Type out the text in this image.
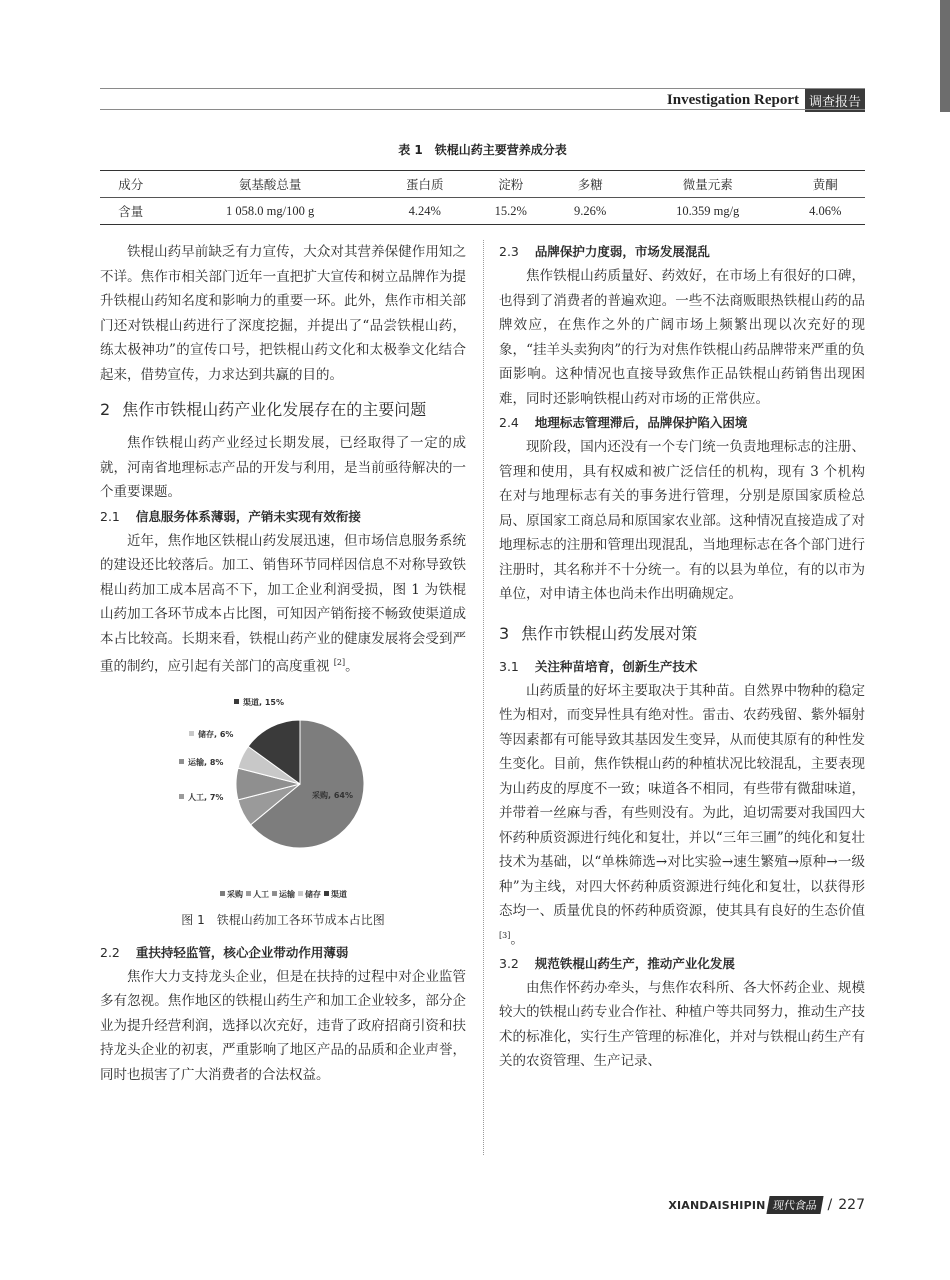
Investigation Report 调查报告
表 1　铁棍山药主要营养成分表
成分	氨基酸总量	蛋白质	淀粉	多糖	微量元素	黄酮
含量	1 058.0 mg/100 g	4.24%	15.2%	9.26%	10.359 mg/g	4.06%

铁棍山药早前缺乏有力宣传，大众对其营养保健作用知之不详。焦作市相关部门近年一直把扩大宣传和树立品牌作为提升铁棍山药知名度和影响力的重要一环。此外，焦作市相关部门还对铁棍山药进行了深度挖掘，并提出了“品尝铁棍山药，练太极神功”的宣传口号，把铁棍山药文化和太极拳文化结合起来，借势宣传，力求达到共赢的目的。

2 焦作市铁棍山药产业化发展存在的主要问题

焦作铁棍山药产业经过长期发展，已经取得了一定的成就，河南省地理标志产品的开发与利用，是当前亟待解决的一个重要课题。

2.1 信息服务体系薄弱，产销未实现有效衔接

近年，焦作地区铁棍山药发展迅速，但市场信息服务系统的建设还比较落后。加工、销售环节同样因信息不对称导致铁棍山药加工成本居高不下，加工企业利润受损，图 1 为铁棍山药加工各环节成本占比图，可知因产销衔接不畅致使渠道成本占比较高。长期来看，铁棍山药产业的健康发展将会受到严重的制约，应引起有关部门的高度重视 [2]。

采购, 64%
人工, 7%
运输, 8%
储存, 6%
渠道, 15%
采购 人工 运输 储存 渠道
图 1　铁棍山药加工各环节成本占比图
2.2 重扶持轻监管，核心企业带动作用薄弱

焦作大力支持龙头企业，但是在扶持的过程中对企业监管多有忽视。焦作地区的铁棍山药生产和加工企业较多，部分企业为提升经营利润，选择以次充好，违背了政府招商引资和扶持龙头企业的初衷，严重影响了地区产品的品质和企业声誉，同时也损害了广大消费者的合法权益。

2.3 品牌保护力度弱，市场发展混乱

焦作铁棍山药质量好、药效好，在市场上有很好的口碑，也得到了消费者的普遍欢迎。一些不法商贩眼热铁棍山药的品牌效应，在焦作之外的广阔市场上频繁出现以次充好的现象，“挂羊头卖狗肉”的行为对焦作铁棍山药品牌带来严重的负面影响。这种情况也直接导致焦作正品铁棍山药销售出现困难，同时还影响铁棍山药对市场的正常供应。

2.4 地理标志管理滞后，品牌保护陷入困境

现阶段，国内还没有一个专门统一负责地理标志的注册、管理和使用，具有权威和被广泛信任的机构，现有 3 个机构在对与地理标志有关的事务进行管理，分别是原国家质检总局、原国家工商总局和原国家农业部。这种情况直接造成了对地理标志的注册和管理出现混乱，当地理标志在各个部门进行注册时，其名称并不十分统一。有的以县为单位，有的以市为单位，对申请主体也尚未作出明确规定。

3 焦作市铁棍山药发展对策
3.1 关注种苗培育，创新生产技术

山药质量的好坏主要取决于其种苗。自然界中物种的稳定性为相对，而变异性具有绝对性。雷击、农药残留、紫外辐射等因素都有可能导致其基因发生变异，从而使其原有的种性发生变化。目前，焦作铁棍山药的种植状况比较混乱，主要表现为山药皮的厚度不一致；味道各不相同，有些带有微甜味道，并带着一丝麻与香，有些则没有。为此，迫切需要对我国四大怀药种质资源进行纯化和复壮，并以“三年三圃”的纯化和复壮技术为基础，以“单株筛选→对比实验→速生繁殖→原种→一级种”为主线，对四大怀药种质资源进行纯化和复壮，以获得形态均一、质量优良的怀药种质资源，使其具有良好的生态价值[3]。

3.2 规范铁棍山药生产，推动产业化发展

由焦作怀药办牵头，与焦作农科所、各大怀药企业、规模较大的铁棍山药专业合作社、种植户等共同努力，推动生产技术的标准化，实行生产管理的标准化，并对与铁棍山药生产有关的农资管理、生产记录、

XIANDAISHIPIN 现代食品 / 227
